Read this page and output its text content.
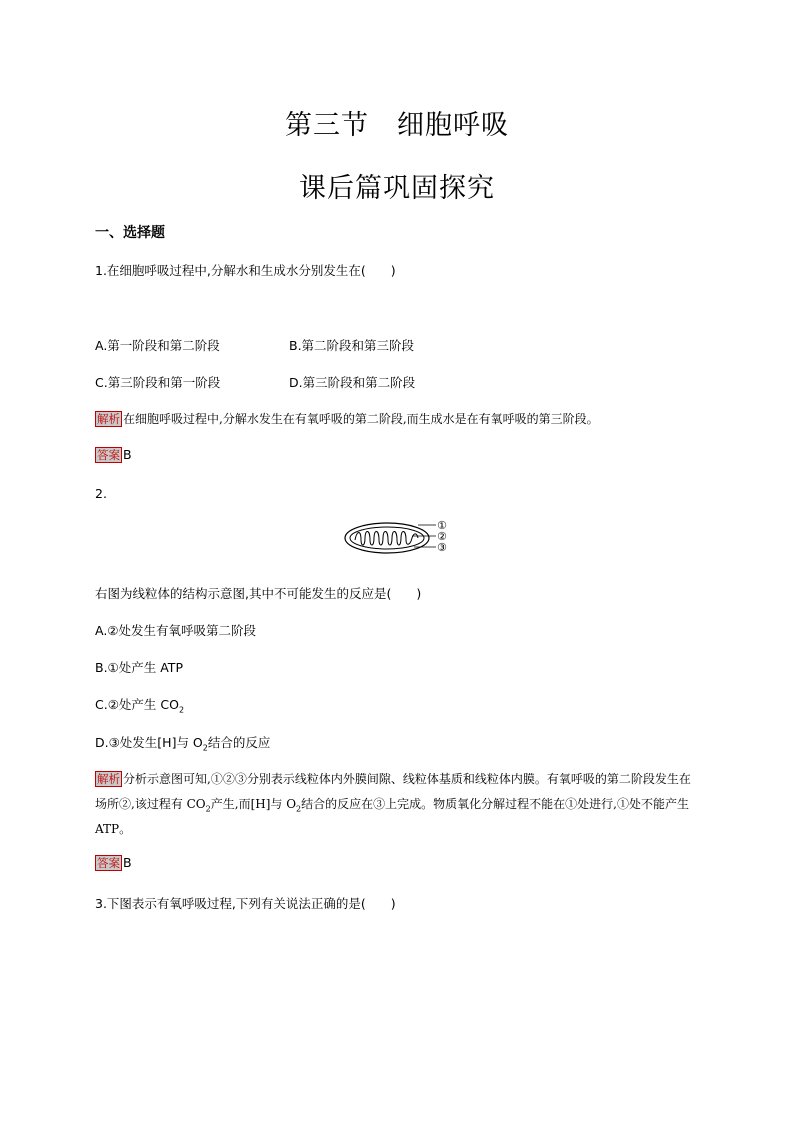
第三节　细胞呼吸
课后篇巩固探究
一、选择题
1.在细胞呼吸过程中,分解水和生成水分别发生在(　　)
A.第一阶段和第二阶段	B.第二阶段和第三阶段
C.第三阶段和第一阶段	D.第三阶段和第二阶段
解析 在细胞呼吸过程中,分解水发生在有氧呼吸的第二阶段,而生成水是在有氧呼吸的第三阶段。
答案 B
2.
①
②
③
右图为线粒体的结构示意图,其中不可能发生的反应是(　　)
A.②处发生有氧呼吸第二阶段
B.①处产生 ATP
C.②处产生 $CO_2$
D.③处发生[H]与 $O_2$结合的反应
解析 分析示意图可知,①②③分别表示线粒体内外膜间隙、线粒体基质和线粒体内膜。有氧呼吸的第二阶段发生在
场所②,该过程有 $CO_2$产生,而[H]与 $O_2$结合的反应在③上完成。物质氧化分解过程不能在①处进行,①处不能产生
ATP。
答案 B
3.下图表示有氧呼吸过程,下列有关说法正确的是(　　)
